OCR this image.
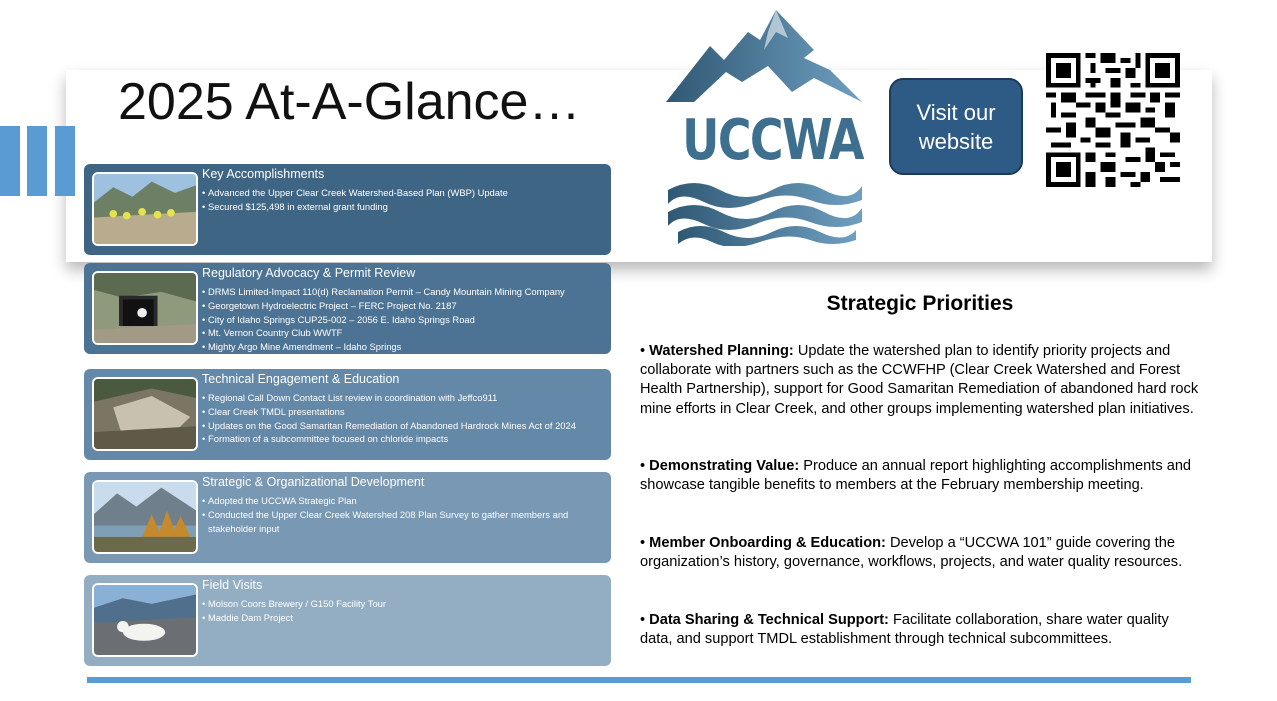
2025 At-A-Glance…
UCCWA	Visit our website
Key Accomplishments
• Advanced the Upper Clear Creek Watershed-Based Plan (WBP) Update
• Secured $125,498 in external grant funding
Regulatory Advocacy & Permit Review
• DRMS Limited-Impact 110(d) Reclamation Permit – Candy Mountain Mining Company
• Georgetown Hydroelectric Project – FERC Project No. 2187
• City of Idaho Springs CUP25-002 – 2056 E. Idaho Springs Road
• Mt. Vernon Country Club WWTF
• Mighty Argo Mine Amendment – Idaho Springs
Technical Engagement & Education
• Regional Call Down Contact List review in coordination with Jeffco911
• Clear Creek TMDL presentations
• Updates on the Good Samaritan Remediation of Abandoned Hardrock Mines Act of 2024
• Formation of a subcommittee focused on chloride impacts
Strategic & Organizational Development
• Adopted the UCCWA Strategic Plan
• Conducted the Upper Clear Creek Watershed 208 Plan Survey to gather members and stakeholder input
Field Visits
• Molson Coors Brewery / G150 Facility Tour
• Maddie Dam Project
Strategic Priorities
• Watershed Planning: Update the watershed plan to identify priority projects and collaborate with partners such as the CCWFHP (Clear Creek Watershed and Forest Health Partnership), support for Good Samaritan Remediation of abandoned hard rock mine efforts in Clear Creek, and other groups implementing watershed plan initiatives.
• Demonstrating Value: Produce an annual report highlighting accomplishments and showcase tangible benefits to members at the February membership meeting.
• Member Onboarding & Education: Develop a “UCCWA 101” guide covering the organization’s history, governance, workflows, projects, and water quality resources.
• Data Sharing & Technical Support: Facilitate collaboration, share water quality data, and support TMDL establishment through technical subcommittees.
